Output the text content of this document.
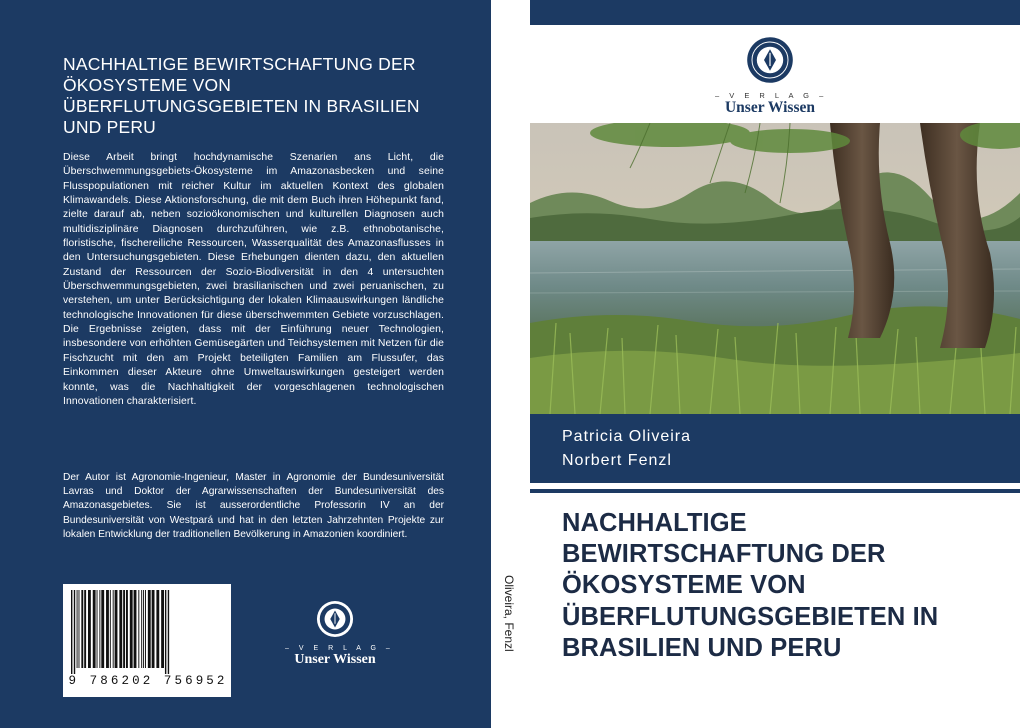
NACHHALTIGE BEWIRTSCHAFTUNG DER ÖKOSYSTEME VON ÜBERFLUTUNGSGEBIETEN IN BRASILIEN UND PERU
Diese Arbeit bringt hochdynamische Szenarien ans Licht, die Überschwemmungsgebiets-Ökosysteme im Amazonasbecken und seine Flusspopulationen mit reicher Kultur im aktuellen Kontext des globalen Klimawandels. Diese Aktionsforschung, die mit dem Buch ihren Höhepunkt fand, zielte darauf ab, neben sozioökonomischen und kulturellen Diagnosen auch multidisziplinäre Diagnosen durchzuführen, wie z.B. ethnobotanische, floristische, fischereiliche Ressourcen, Wasserqualität des Amazonasflusses in den Untersuchungsgebieten. Diese Erhebungen dienten dazu, den aktuellen Zustand der Ressourcen der Sozio-Biodiversität in den 4 untersuchten Überschwemmungsgebieten, zwei brasilianischen und zwei peruanischen, zu verstehen, um unter Berücksichtigung der lokalen Klimaauswirkungen ländliche technologische Innovationen für diese überschwemmten Gebiete vorzuschlagen. Die Ergebnisse zeigten, dass mit der Einführung neuer Technologien, insbesondere von erhöhten Gemüsegärten und Teichsystemen mit Netzen für die Fischzucht mit den am Projekt beteiligten Familien am Flussufer, das Einkommen dieser Akteure ohne Umweltauswirkungen gesteigert werden konnte, was die Nachhaltigkeit der vorgeschlagenen technologischen Innovationen charakterisiert.
Der Autor ist Agronomie-Ingenieur, Master in Agronomie der Bundesuniversität Lavras und Doktor der Agrarwissenschaften der Bundesuniversität des Amazonasgebietes. Sie ist ausserordentliche Professorin IV an der Bundesuniversität von Westpará und hat in den letzten Jahrzehnten Projekte zur lokalen Entwicklung der traditionellen Bevölkerung in Amazonien koordiniert.
9 786202 756952
– V E R L A G –
Unser Wissen
Oliveira, Fenzl
– V E R L A G –
Unser Wissen
Patricia Oliveira
Norbert Fenzl
NACHHALTIGE BEWIRTSCHAFTUNG DER ÖKOSYSTEME VON ÜBERFLUTUNGSGEBIETEN IN BRASILIEN UND PERU
